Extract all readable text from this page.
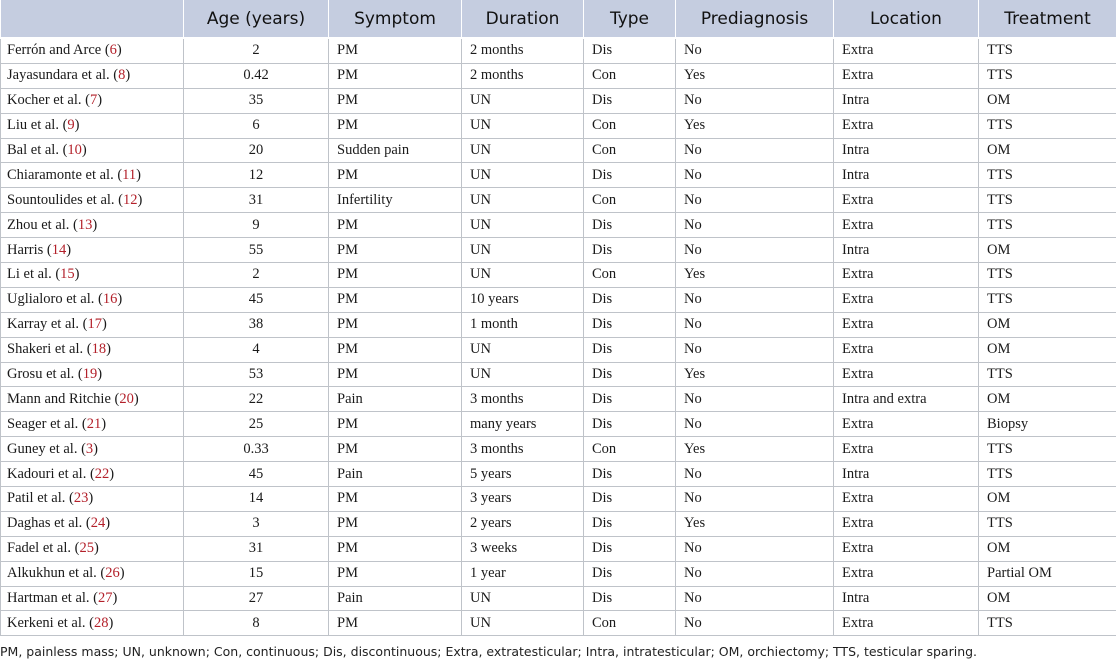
	Age (years)	Symptom	Duration	Type	Prediagnosis	Location	Treatment
Ferrón and Arce (6)	2	PM	2 months	Dis	No	Extra	TTS
Jayasundara et al. (8)	0.42	PM	2 months	Con	Yes	Extra	TTS
Kocher et al. (7)	35	PM	UN	Dis	No	Intra	OM
Liu et al. (9)	6	PM	UN	Con	Yes	Extra	TTS
Bal et al. (10)	20	Sudden pain	UN	Con	No	Intra	OM
Chiaramonte et al. (11)	12	PM	UN	Dis	No	Intra	TTS
Sountoulides et al. (12)	31	Infertility	UN	Con	No	Extra	TTS
Zhou et al. (13)	9	PM	UN	Dis	No	Extra	TTS
Harris (14)	55	PM	UN	Dis	No	Intra	OM
Li et al. (15)	2	PM	UN	Con	Yes	Extra	TTS
Uglialoro et al. (16)	45	PM	10 years	Dis	No	Extra	TTS
Karray et al. (17)	38	PM	1 month	Dis	No	Extra	OM
Shakeri et al. (18)	4	PM	UN	Dis	No	Extra	OM
Grosu et al. (19)	53	PM	UN	Dis	Yes	Extra	TTS
Mann and Ritchie (20)	22	Pain	3 months	Dis	No	Intra and extra	OM
Seager et al. (21)	25	PM	many years	Dis	No	Extra	Biopsy
Guney et al. (3)	0.33	PM	3 months	Con	Yes	Extra	TTS
Kadouri et al. (22)	45	Pain	5 years	Dis	No	Intra	TTS
Patil et al. (23)	14	PM	3 years	Dis	No	Extra	OM
Daghas et al. (24)	3	PM	2 years	Dis	Yes	Extra	TTS
Fadel et al. (25)	31	PM	3 weeks	Dis	No	Extra	OM
Alkukhun et al. (26)	15	PM	1 year	Dis	No	Extra	Partial OM
Hartman et al. (27)	27	Pain	UN	Dis	No	Intra	OM
Kerkeni et al. (28)	8	PM	UN	Con	No	Extra	TTS
PM, painless mass; UN, unknown; Con, continuous; Dis, discontinuous; Extra, extratesticular; Intra, intratesticular; OM, orchiectomy; TTS, testicular sparing.
